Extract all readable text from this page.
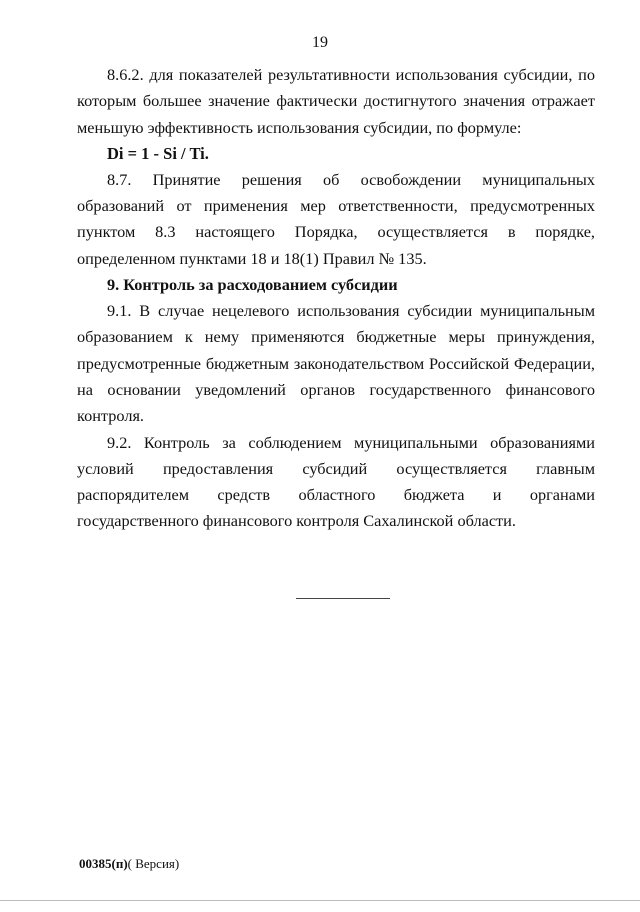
19

8.6.2. для показателей результативности использования субсидии, по которым большее значение фактически достигнутого значения отражает меньшую эффективность использования субсидии, по формуле:

Di = 1 - Si / Ti.

8.7. Принятие решения об освобождении муниципальных образований от применения мер ответственности, предусмотренных пунктом 8.3 настоящего Порядка, осуществляется в порядке, определенном пунктами 18 и 18(1) Правил № 135.

9. Контроль за расходованием субсидии

9.1. В случае нецелевого использования субсидии муниципальным образованием к нему применяются бюджетные меры принуждения, предусмотренные бюджетным законодательством Российской Федерации, на основании уведомлений органов государственного финансового контроля.

9.2. Контроль за соблюдением муниципальными образованиями условий предоставления субсидий осуществляется главным распорядителем средств областного бюджета и органами государственного финансового контроля Сахалинской области.

00385(п)( Версия)
